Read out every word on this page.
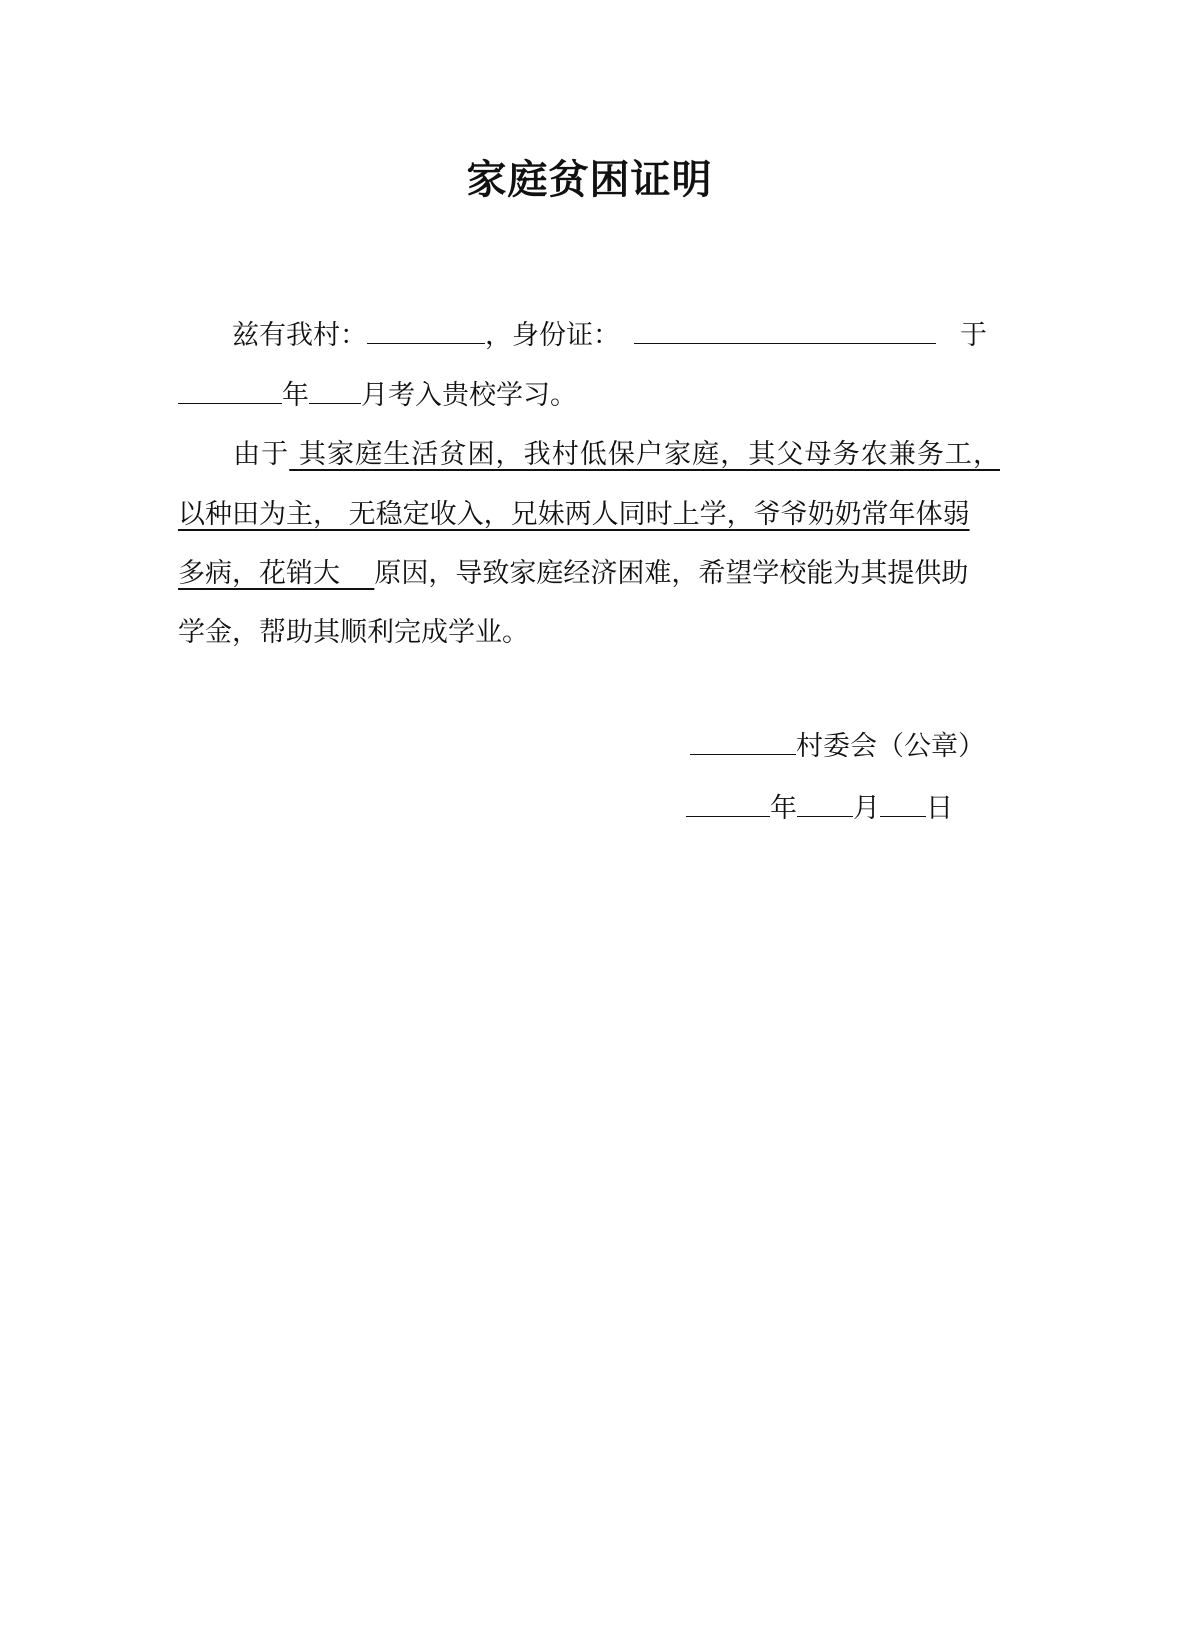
家庭贫困证明
兹有我村：	，身份证：	于
年 月考入贵校学习。
由于 其家庭生活贫困，我村低保户家庭，其父母务农兼务工，
以种田为主， 无稳定收入，兄妹两人同时上学，爷爷奶奶常年体弱
多病，花销大    原因，导致家庭经济困难，希望学校能为其提供助
学金，帮助其顺利完成学业。
村委会（公章）
年 月 日
